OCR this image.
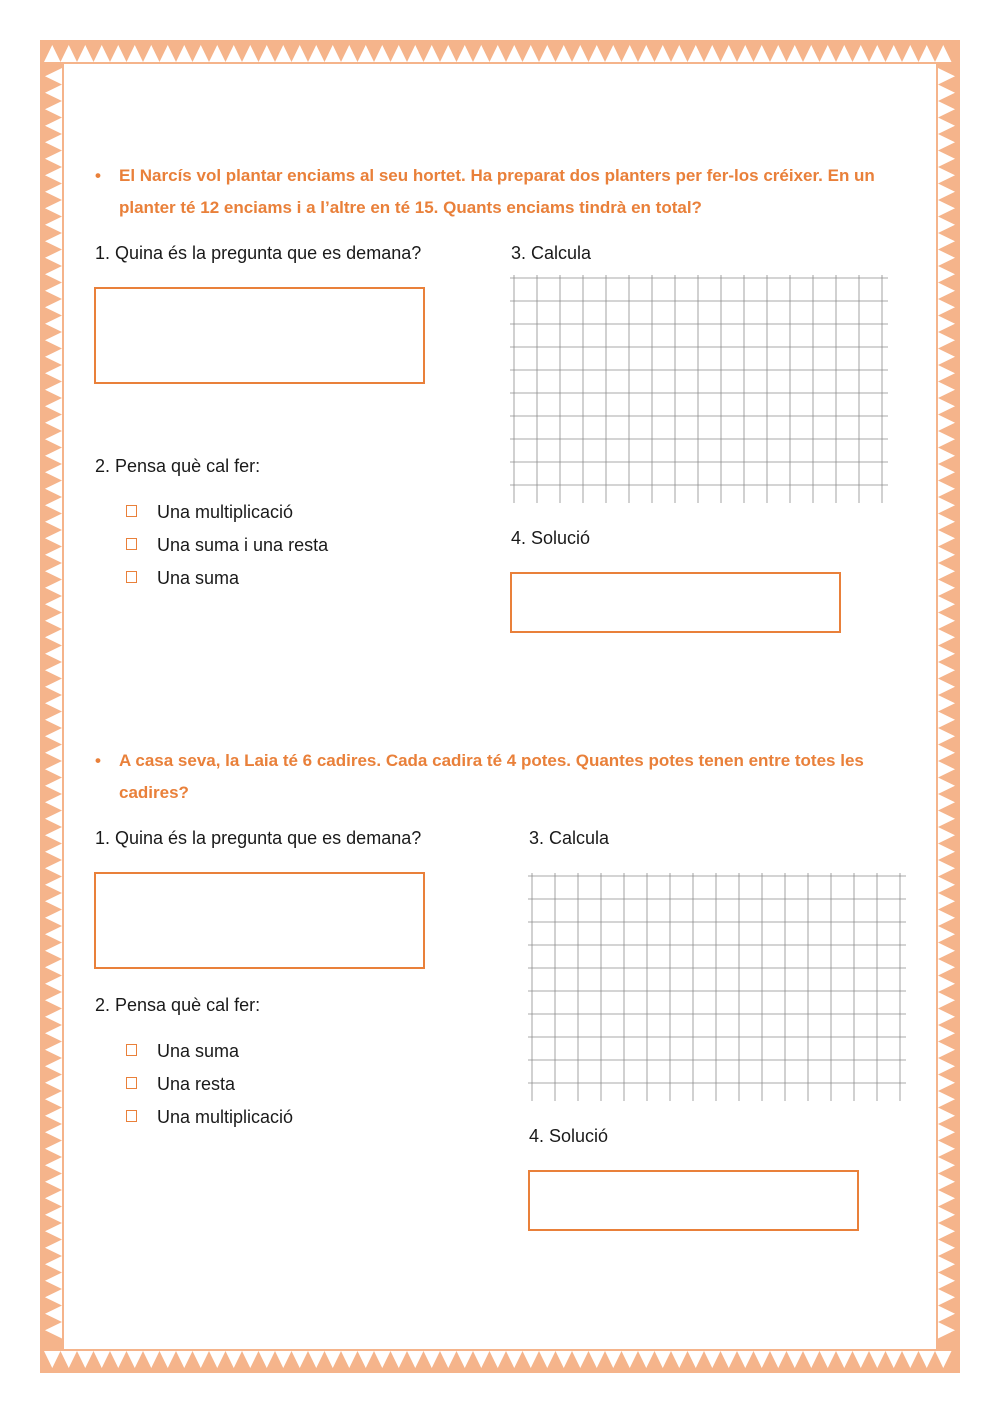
•	El Narcís vol plantar enciams al seu hortet. Ha preparat dos planters per fer-los créixer. En un planter té 12 enciams i a l’altre en té 15. Quants enciams tindrà en total?
1. Quina és la pregunta que es demana?
2. Pensa què cal fer:
Una multiplicació
Una suma i una resta
Una suma
3. Calcula
4. Solució
•	A casa seva, la Laia té 6 cadires. Cada cadira té 4 potes. Quantes potes tenen entre totes les cadires?
1. Quina és la pregunta que es demana?
2. Pensa què cal fer:
Una suma
Una resta
Una multiplicació
3. Calcula
4. Solució
